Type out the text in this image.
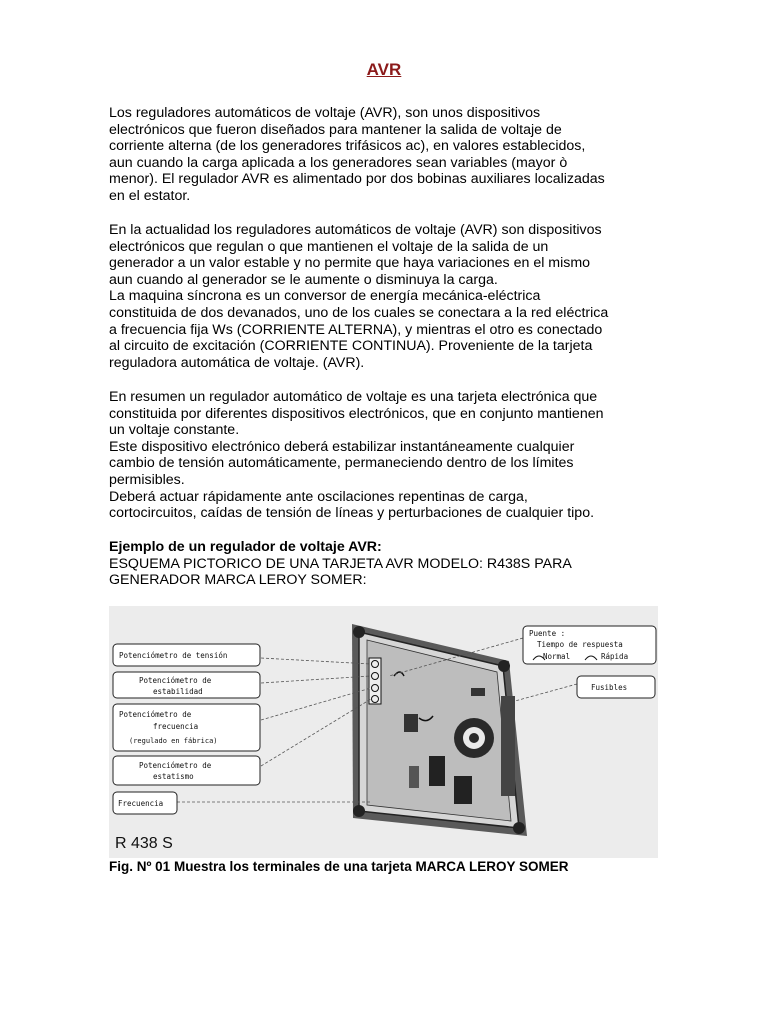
AVR

Los reguladores automáticos de voltaje (AVR), son unos dispositivos
electrónicos que fueron diseñados para mantener la salida de voltaje de
corriente alterna (de los generadores trifásicos ac), en valores establecidos,
aun cuando la carga aplicada a los generadores sean variables (mayor ò
menor). El regulador AVR es alimentado por dos bobinas auxiliares localizadas
en el estator.

En la actualidad los reguladores automáticos de voltaje (AVR) son dispositivos
electrónicos que regulan o que mantienen el voltaje de la salida de un
generador a un valor estable y no permite que haya variaciones en el mismo
aun cuando al generador se le aumente o disminuya la carga.
La maquina síncrona es un conversor de energía mecánica-eléctrica
constituida de dos devanados, uno de los cuales se conectara a la red eléctrica
a frecuencia fija Ws (CORRIENTE ALTERNA), y mientras el otro es conectado
al circuito de excitación (CORRIENTE CONTINUA). Proveniente de la tarjeta
reguladora automática de voltaje. (AVR).

En resumen un regulador automático de voltaje es una tarjeta electrónica que
constituida por diferentes dispositivos electrónicos, que en conjunto mantienen
un voltaje constante.
Este dispositivo electrónico deberá estabilizar instantáneamente cualquier
cambio de tensión automáticamente, permaneciendo dentro de los límites
permisibles.
Deberá actuar rápidamente ante oscilaciones repentinas de carga,
cortocircuitos, caídas de tensión de líneas y perturbaciones de cualquier tipo.

Ejemplo de un regulador de voltaje AVR:
ESQUEMA PICTORICO DE UNA TARJETA AVR MODELO: R438S PARA
GENERADOR MARCA LEROY SOMER:
Potenciómetro de tensión
Potenciómetro de
estabilidad
Potenciómetro de
frecuencia
(regulado en fábrica)
Potenciómetro de
estatismo
Frecuencia
Puente :
Tiempo de respuesta
Normal	Rápida
Fusibles
R 438 S
Fig. Nº 01 Muestra los terminales de una tarjeta MARCA LEROY SOMER
